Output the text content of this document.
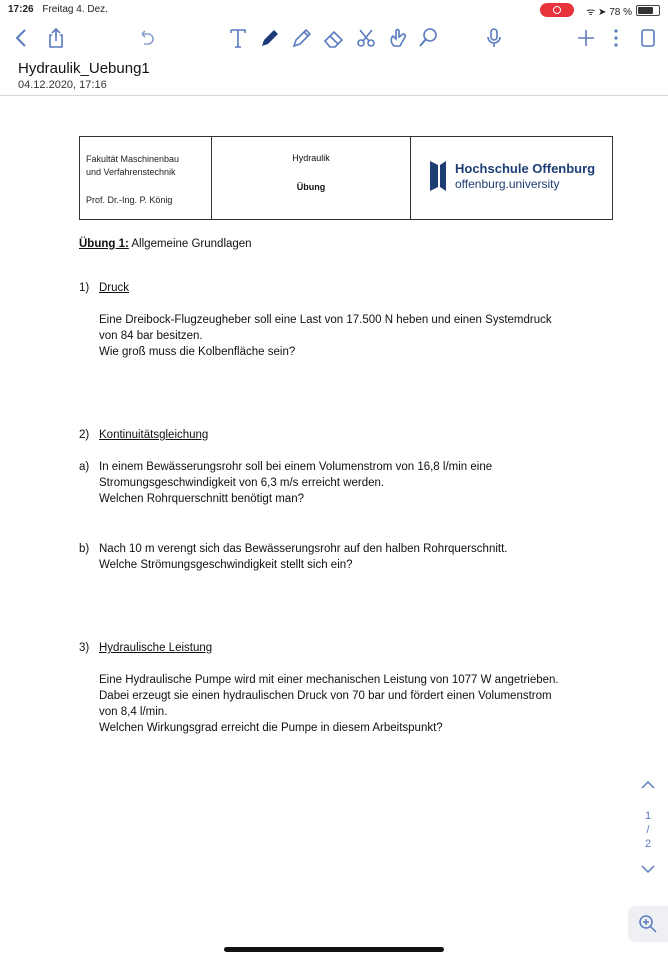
17:26 Freitag 4. Dez.	ᯤ ➤ 78 %
Hydraulik_Uebung1
04.12.2020, 17:16
Fakultät Maschinenbau
und Verfahrenstechnik
Prof. Dr.-Ing. P. König
Hydraulik
Übung
Hochschule Offenburg
offenburg.university
Übung 1: Allgemeine Grundlagen
1) Druck
Eine Dreibock-Flugzeugheber soll eine Last von 17.500 N heben und einen Systemdruck
von 84 bar besitzen.
Wie groß muss die Kolbenfläche sein?
2) Kontinuitätsgleichung
a) In einem Bewässerungsrohr soll bei einem Volumenstrom von 16,8 l/min eine
Stromungsgeschwindigkeit von 6,3 m/s erreicht werden.
Welchen Rohrquerschnitt benötigt man?
b) Nach 10 m verengt sich das Bewässerungsrohr auf den halben Rohrquerschnitt.
Welche Strömungsgeschwindigkeit stellt sich ein?
3) Hydraulische Leistung
Eine Hydraulische Pumpe wird mit einer mechanischen Leistung von 1077 W angetrieben.
Dabei erzeugt sie einen hydraulischen Druck von 70 bar und fördert einen Volumenstrom
von 8,4 l/min.
Welchen Wirkungsgrad erreicht die Pumpe in diesem Arbeitspunkt?
1
/
2
